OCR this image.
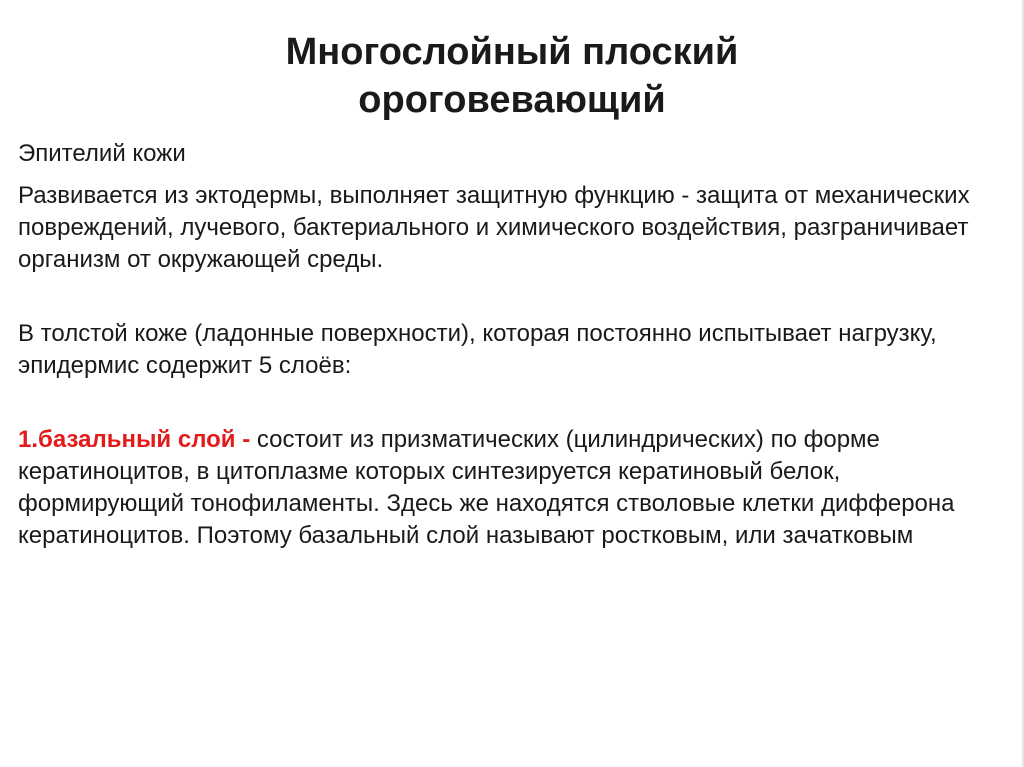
Многослойный плоский
ороговевающий

Эпителий кожи

Развивается из эктодермы, выполняет защитную функцию - защита от механических повреждений, лучевого, бактериального и химического воздействия, разграничивает организм от окружающей среды.

В толстой коже (ладонные поверхности), которая постоянно испытывает нагрузку, эпидермис содержит 5 слоёв:

1.базальный слой - состоит из призматических (цилиндрических) по форме кератиноцитов, в цитоплазме которых синтезируется кератиновый белок, формирующий тонофиламенты. Здесь же находятся стволовые клетки дифферона кератиноцитов. Поэтому базальный слой называют ростковым, или зачатковым
